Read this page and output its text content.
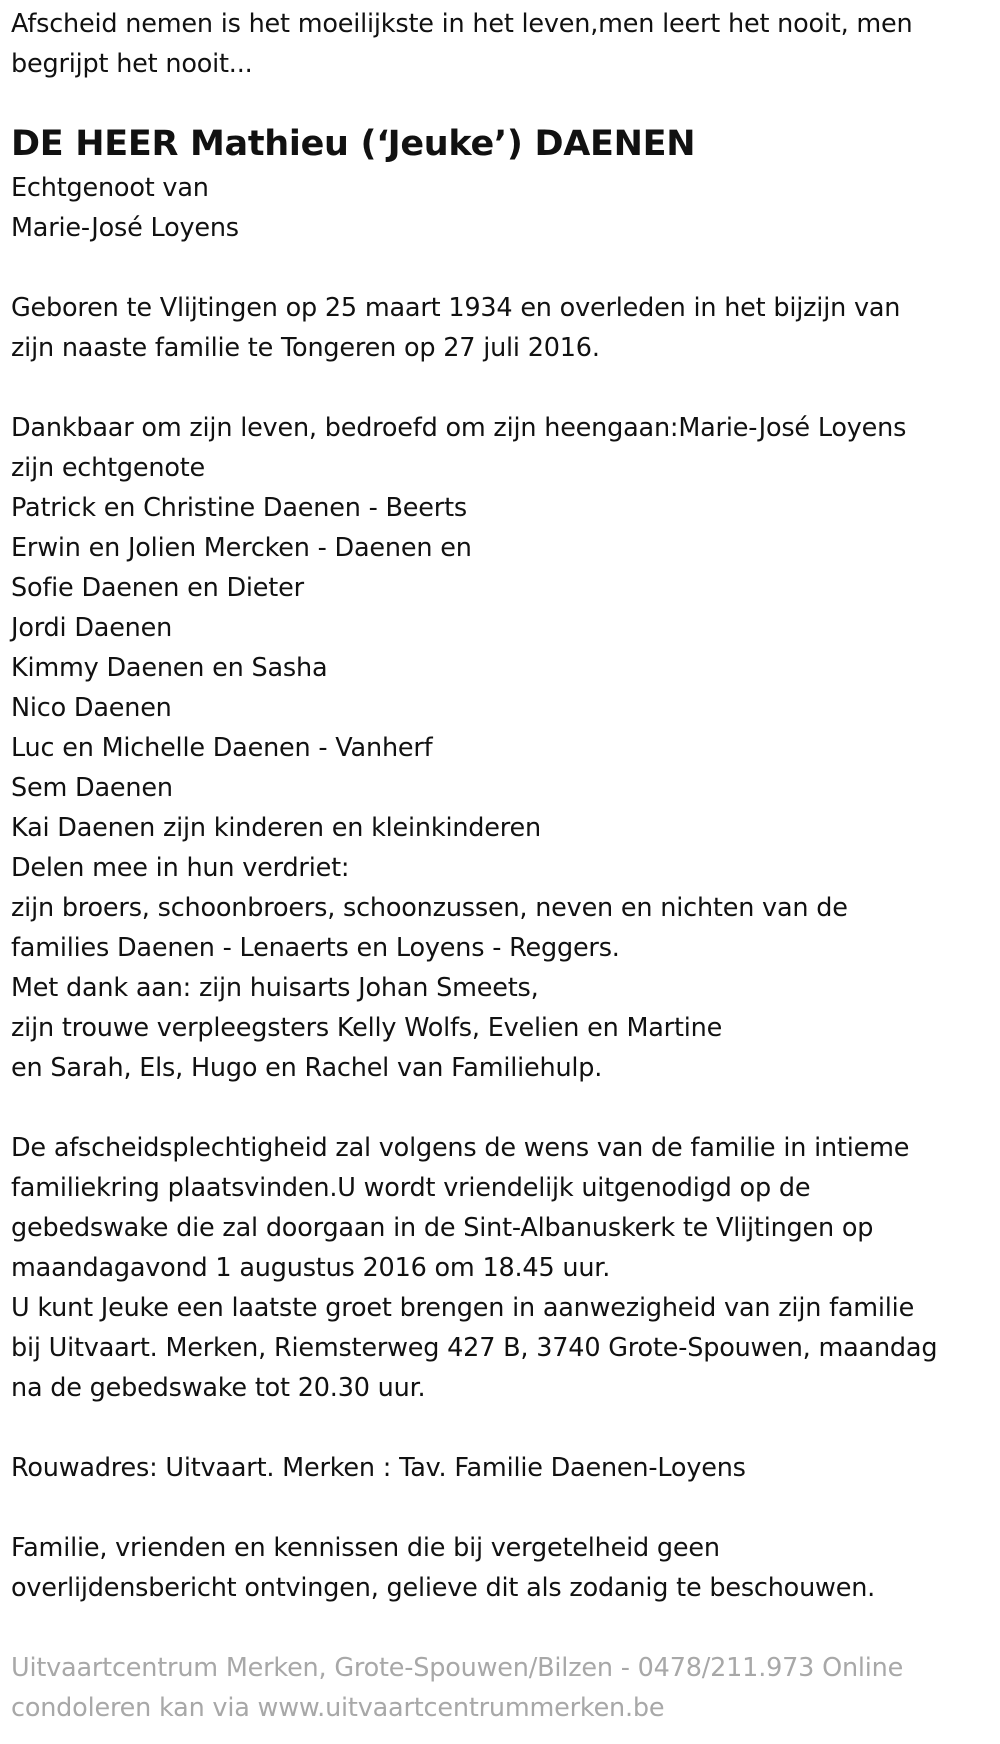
Afscheid nemen is het moeilijkste in het leven,men leert het nooit, men
begrijpt het nooit...
DE HEER Mathieu (‘Jeuke’) DAENEN
Echtgenoot van
Marie-José Loyens
Geboren te Vlijtingen op 25 maart 1934 en overleden in het bijzijn van
zijn naaste familie te Tongeren op 27 juli 2016.
Dankbaar om zijn leven, bedroefd om zijn heengaan:Marie-José Loyens
zijn echtgenote
Patrick en Christine Daenen - Beerts
Erwin en Jolien Mercken - Daenen en
Sofie Daenen en Dieter
Jordi Daenen
Kimmy Daenen en Sasha
Nico Daenen
Luc en Michelle Daenen - Vanherf
Sem Daenen
Kai Daenen zijn kinderen en kleinkinderen
Delen mee in hun verdriet:
zijn broers, schoonbroers, schoonzussen, neven en nichten van de
families Daenen - Lenaerts en Loyens - Reggers.
Met dank aan: zijn huisarts Johan Smeets,
zijn trouwe verpleegsters Kelly Wolfs, Evelien en Martine
en Sarah, Els, Hugo en Rachel van Familiehulp.
De afscheidsplechtigheid zal volgens de wens van de familie in intieme
familiekring plaatsvinden.U wordt vriendelijk uitgenodigd op de
gebedswake die zal doorgaan in de Sint-Albanuskerk te Vlijtingen op
maandagavond 1 augustus 2016 om 18.45 uur.
U kunt Jeuke een laatste groet brengen in aanwezigheid van zijn familie
bij Uitvaart. Merken, Riemsterweg 427 B, 3740 Grote-Spouwen, maandag
na de gebedswake tot 20.30 uur.
Rouwadres: Uitvaart. Merken : Tav. Familie Daenen-Loyens
Familie, vrienden en kennissen die bij vergetelheid geen
overlijdensbericht ontvingen, gelieve dit als zodanig te beschouwen.
Uitvaartcentrum Merken, Grote-Spouwen/Bilzen - 0478/211.973 Online
condoleren kan via www.uitvaartcentrummerken.be
